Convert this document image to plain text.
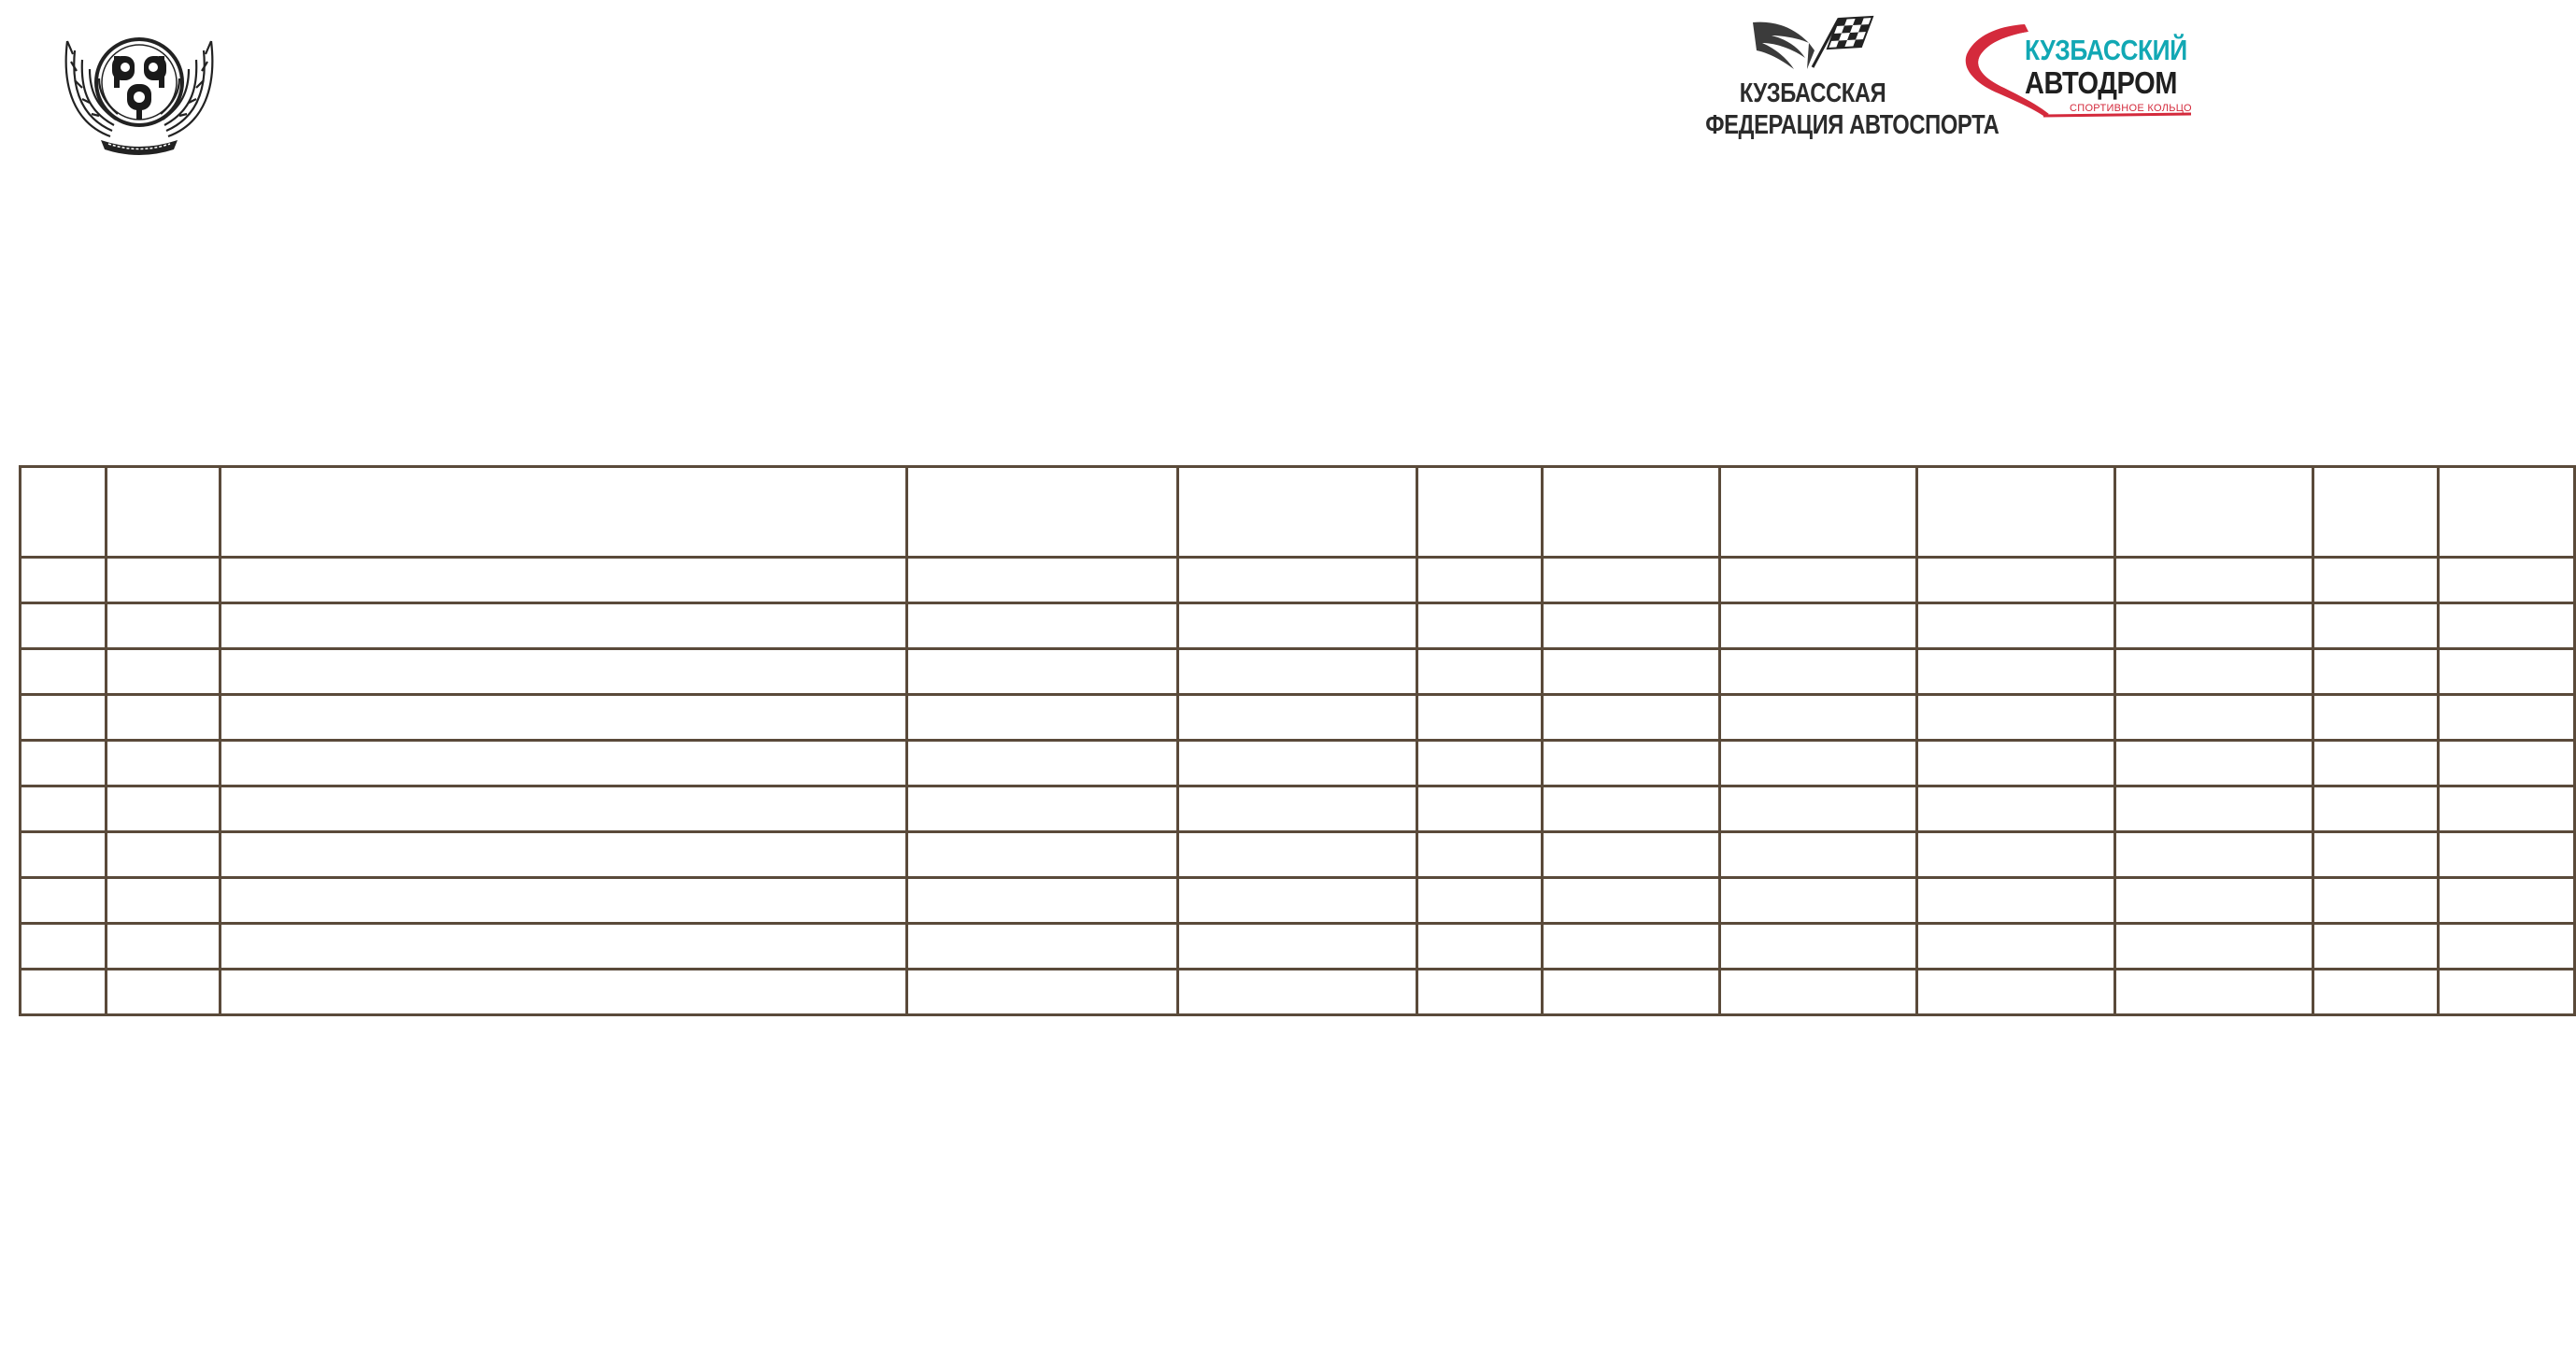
КУЗБАССКАЯ
ФЕДЕРАЦИЯ АВТОСПОРТА
КУЗБАССКИЙ
АВТОДРОМ
СПОРТИВНОЕ КОЛЬЦО
